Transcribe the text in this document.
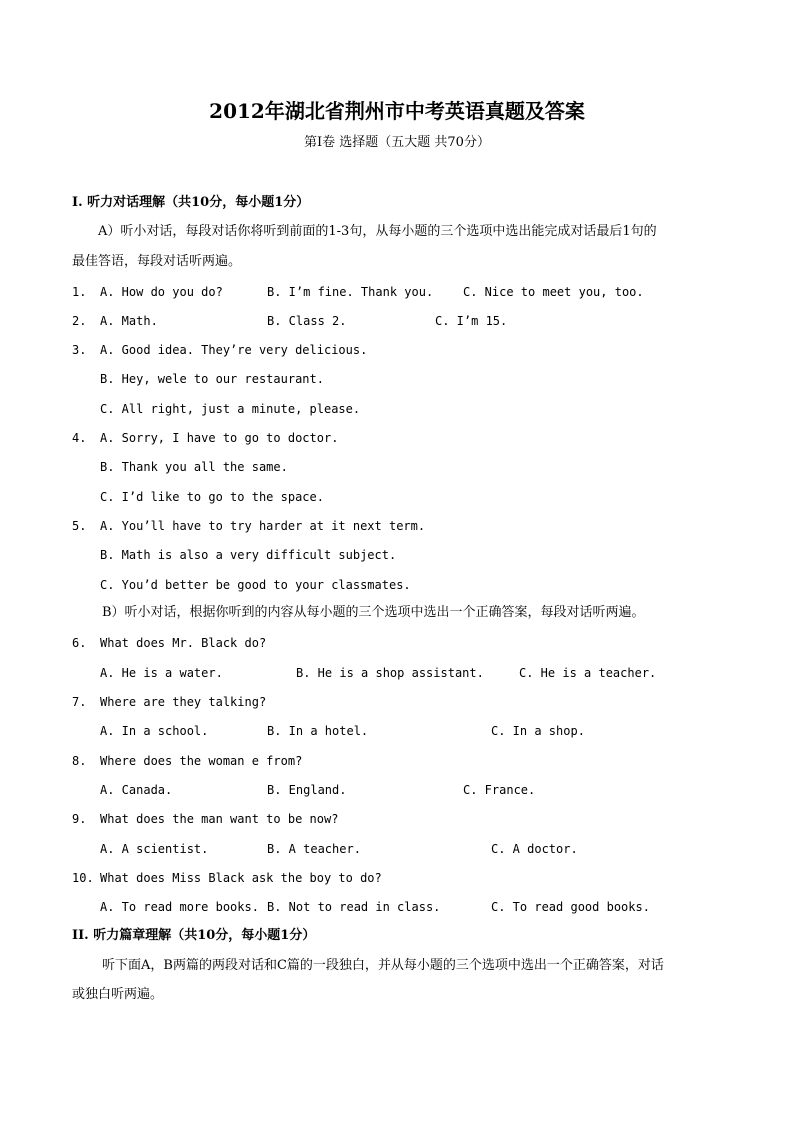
2012年湖北省荆州市中考英语真题及答案
第Ⅰ卷 选择题（五大题 共70分）
I. 听力对话理解（共10分，每小题1分）
A）听小对话，每段对话你将听到前面的1-3句，从每小题的三个选项中选出能完成对话最后1句的
最佳答语，每段对话听两遍。
1. A. How do you do?	B. I’m fine. Thank you. C. Nice to meet you, too.
2. A. Math.	B. Class 2.	C. I’m 15.
3. A. Good idea. They’re very delicious.
B. Hey, wele to our restaurant.
C. All right, just a minute, please.
4. A. Sorry, I have to go to doctor.
B. Thank you all the same.
C. I’d like to go to the space.
5. A. You’ll have to try harder at it next term.
B. Math is also a very difficult subject.
C. You’d better be good to your classmates.
B）听小对话，根据你听到的内容从每小题的三个选项中选出一个正确答案，每段对话听两遍。
6. What does Mr. Black do?
A. He is a water.	B. He is a shop assistant.	C. He is a teacher.
7. Where are they talking?
A. In a school.	B. In a hotel.	C. In a shop.
8. Where does the woman e from?
A. Canada.	B. England.	C. France.
9. What does the man want to be now?
A. A scientist.	B. A teacher.	C. A doctor.
10. What does Miss Black ask the boy to do?
A. To read more books. B. Not to read in class.	C. To read good books.
II. 听力篇章理解（共10分，每小题1分）
听下面A，B两篇的两段对话和C篇的一段独白，并从每小题的三个选项中选出一个正确答案，对话
或独白听两遍。
